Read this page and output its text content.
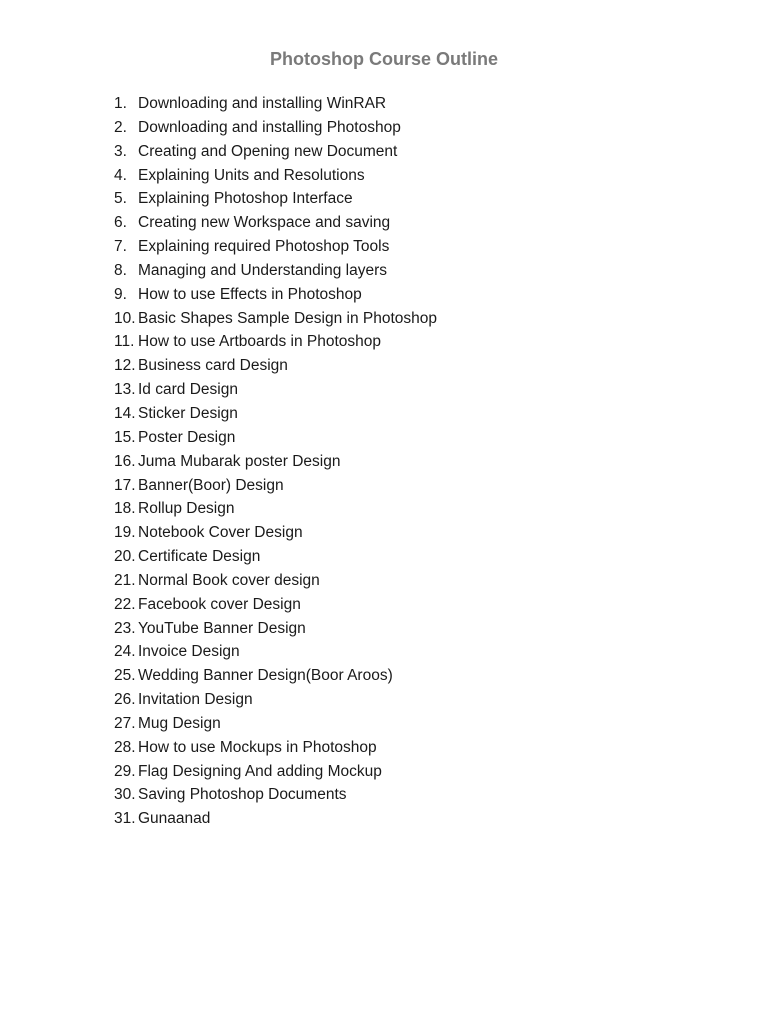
Photoshop Course Outline
1. Downloading and installing WinRAR
2. Downloading and installing Photoshop
3. Creating and Opening new Document
4. Explaining Units and Resolutions
5. Explaining Photoshop Interface
6. Creating new Workspace and saving
7. Explaining required Photoshop Tools
8. Managing and Understanding layers
9. How to use Effects in Photoshop
10. Basic Shapes Sample Design in Photoshop
11. How to use Artboards in Photoshop
12. Business card Design
13. Id card Design
14. Sticker Design
15. Poster Design
16. Juma Mubarak poster Design
17. Banner(Boor) Design
18. Rollup Design
19. Notebook Cover Design
20. Certificate Design
21. Normal Book cover design
22. Facebook cover Design
23. YouTube Banner Design
24. Invoice Design
25. Wedding Banner Design(Boor Aroos)
26. Invitation Design
27. Mug Design
28. How to use Mockups in Photoshop
29. Flag Designing And adding Mockup
30. Saving Photoshop Documents
31. Gunaanad
